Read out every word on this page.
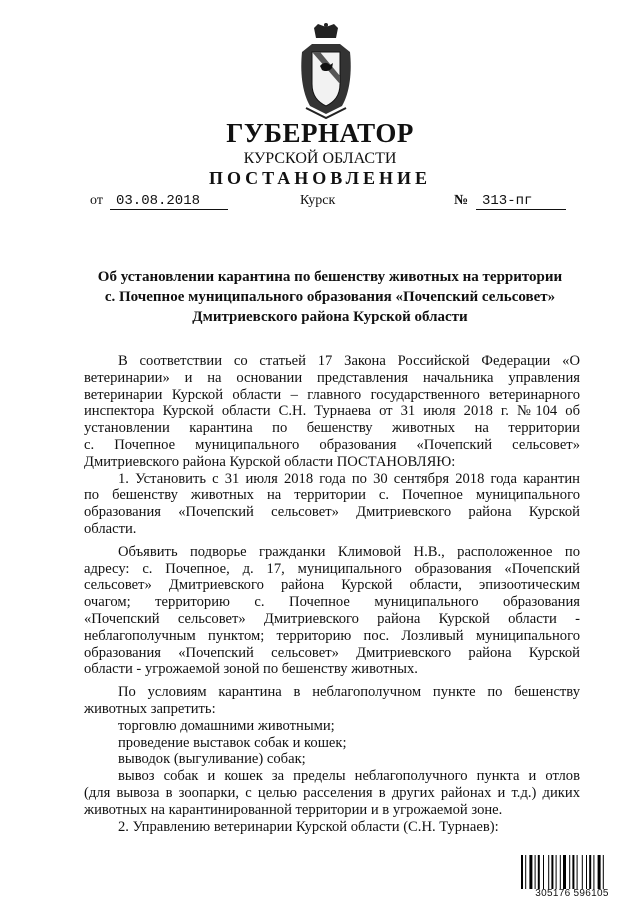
ГУБЕРНАТОР
КУРСКОЙ ОБЛАСТИ
ПОСТАНОВЛЕНИЕ
от 03.08.2018	Курск	№ 313-пг
Об установлении карантина по бешенству животных на территории
с. Почепное муниципального образования «Почепский сельсовет»
Дмитриевского района Курской области

В соответствии со статьей 17 Закона Российской Федерации «О

ветеринарии» и на основании представления начальника управления

ветеринарии Курской области – главного государственного ветеринарного

инспектора Курской области С.Н. Турнаева от 31 июля 2018 г. №104 об

установлении карантина по бешенству животных на территории

с. Почепное муниципального образования «Почепский сельсовет»

Дмитриевского района Курской области ПОСТАНОВЛЯЮ:

1. Установить с 31 июля 2018 года по 30 сентября 2018 года карантин

по бешенству животных на территории с. Почепное муниципального

образования «Почепский сельсовет» Дмитриевского района Курской

области.

Объявить подворье гражданки Климовой Н.В., расположенное по

адресу: с. Почепное, д. 17, муниципального образования «Почепский

сельсовет» Дмитриевского района Курской области, эпизоотическим

очагом; территорию с. Почепное муниципального образования

«Почепский сельсовет» Дмитриевского района Курской области -

неблагополучным пунктом; территорию пос. Лозливый муниципального

образования «Почепский сельсовет» Дмитриевского района Курской

области - угрожаемой зоной по бешенству животных.

По условиям карантина в неблагополучном пункте по бешенству

животных запретить:

торговлю домашними животными;

проведение выставок собак и кошек;

выводок (выгуливание) собак;

вывоз собак и кошек за пределы неблагополучного пункта и отлов

(для вывоза в зоопарки, с целью расселения в других районах и т.д.) диких

животных на карантинированной территории и в угрожаемой зоне.

2. Управлению ветеринарии Курской области (С.Н. Турнаев):

305176 596105
